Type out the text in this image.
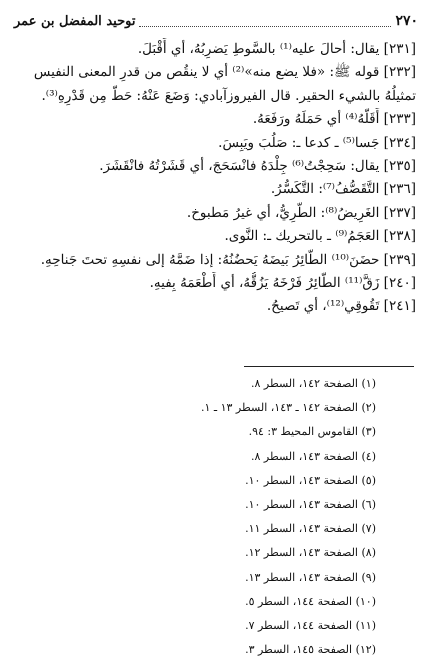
٢٧٠
توحيد المفضل بن عمر
[٢٣١] يقال: أحالَ عليه⁽¹⁾ بالسَّوطِ يَضرِبُهُ، أي أَقْبَلَ.
[٢٣٢] قوله ﷺ: «فلا يضع منه»⁽²⁾ أي لا ينقُص من قدرِ المعنى النفيس
تمثيلُهُ بالشيء الحقير. قال الفيروزآبادي: وَضَعَ عَنْهُ: حَطَّ مِن قَدْرِهِ⁽³⁾.
[٢٣٣] أَقَلَّهُ⁽⁴⁾ أي حَمَلَهُ ورَفَعَهُ.
[٢٣٤] جَسا⁽⁵⁾ ـ كدعا ـ: صَلُبَ ويَبِسَ.
[٢٣٥] يقال: سَحِجْتُ⁽⁶⁾ جِلْدَهُ فانْسَحَجَ، أي قَشَرْتُهُ فانْقَشَرَ.
[٢٣٦] التَّقَصُّفُ⁽⁷⁾: التَّكَسُّرُ.
[٢٣٧] الغَرِيضُ⁽⁸⁾: الطَّرِيُّ، أي غيرُ مَطبوخ.
[٢٣٨] العَجَمُ⁽⁹⁾ ـ بالتحريك ـ: النَّوى.
[٢٣٩] حضَنَ⁽¹⁰⁾ الطَّائِرُ بَيضَهُ يَحضُنُهُ: إذا ضَمَّهُ إلى نفسِهِ تحتَ جَناحِهِ.
[٢٤٠] زَقَّ⁽¹¹⁾ الطَّائِرُ فَرْخَهُ يَزُقُّهُ، أي أَطْعَمَهُ بِفيهِ.
[٢٤١] تَقُوقِي⁽¹²⁾، أي تَصيحُ.
(١) الصفحة ١٤٢، السطر ٨.
(٢) الصفحة ١٤٢ ـ ١٤٣، السطر ١٣ ـ ١.
(٣) القاموس المحيط ٣: ٩٤.
(٤) الصفحة ١٤٣، السطر ٨.
(٥) الصفحة ١٤٣، السطر ١٠.
(٦) الصفحة ١٤٣، السطر ١٠.
(٧) الصفحة ١٤٣، السطر ١١.
(٨) الصفحة ١٤٣، السطر ١٢.
(٩) الصفحة ١٤٣، السطر ١٣.
(١٠) الصفحة ١٤٤، السطر ٥.
(١١) الصفحة ١٤٤، السطر ٧.
(١٢) الصفحة ١٤٥، السطر ٣.
